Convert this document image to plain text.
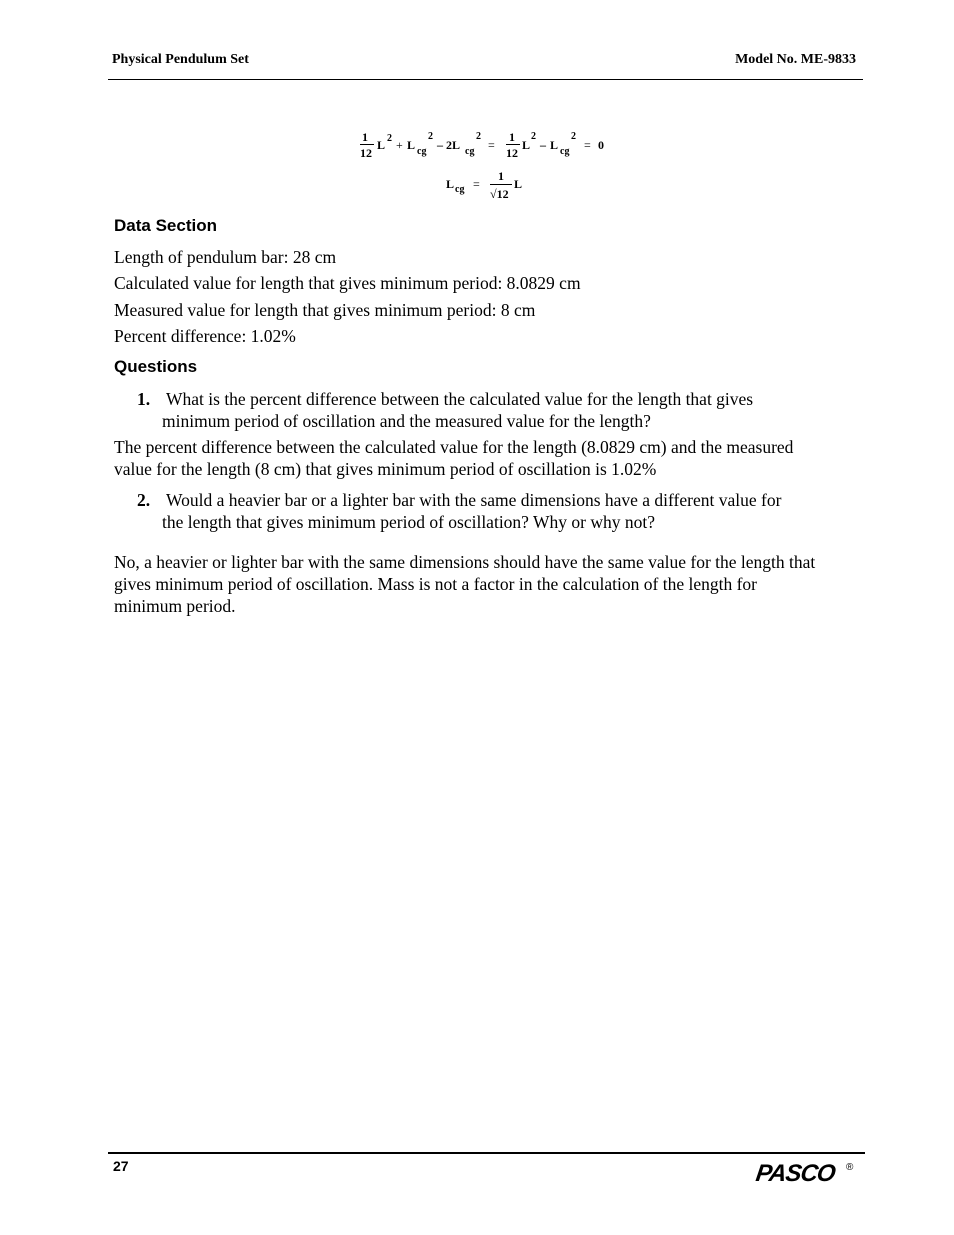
Physical Pendulum Set	Model No. ME-9833
1
12
L 2 + L cg
2
– 2L cg
2
=
1
12
L
2
– L cg
2
= 0
L cg =
1
√12
L
Data Section
Length of pendulum bar: 28 cm
Calculated value for length that gives minimum period: 8.0829 cm
Measured value for length that gives minimum period: 8 cm
Percent difference: 1.02%
Questions
1. What is the percent difference between the calculated value for the length that gives
minimum period of oscillation and the measured value for the length?
The percent difference between the calculated value for the length (8.0829 cm) and the measured
value for the length (8 cm) that gives minimum period of oscillation is 1.02%
2. Would a heavier bar or a lighter bar with the same dimensions have a different value for
the length that gives minimum period of oscillation? Why or why not?
No, a heavier or lighter bar with the same dimensions should have the same value for the length that
gives minimum period of oscillation. Mass is not a factor in the calculation of the length for
minimum period.
27	PASCO ®
